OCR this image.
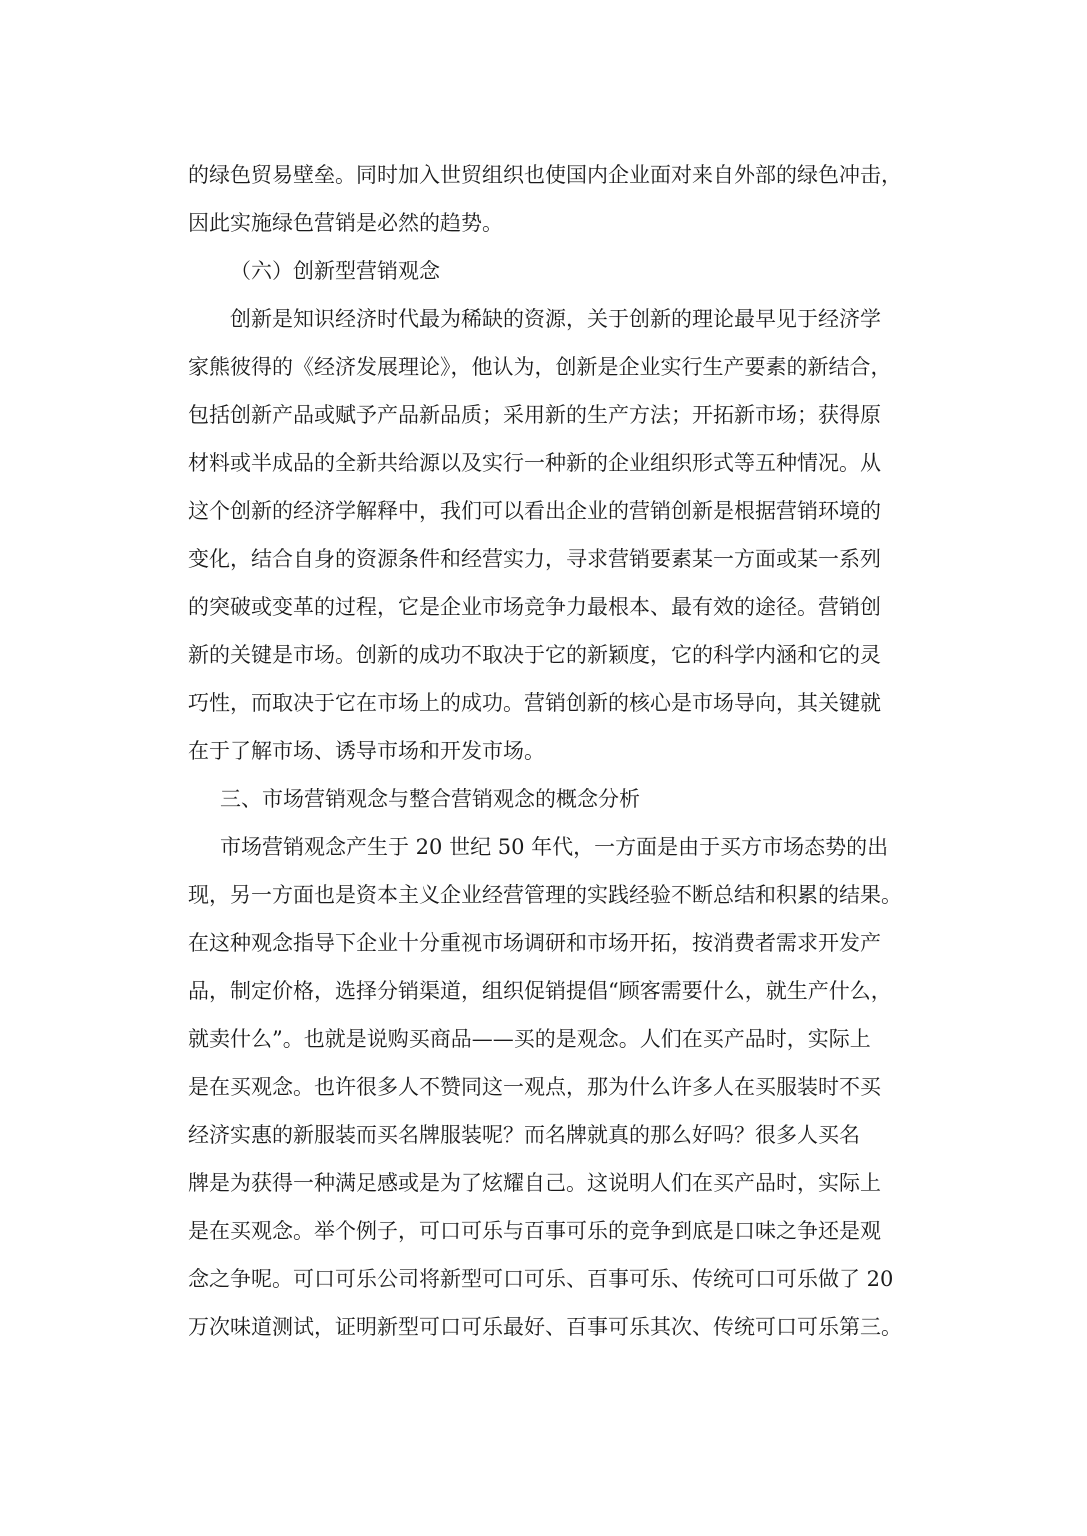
的绿色贸易壁垒。同时加入世贸组织也使国内企业面对来自外部的绿色冲击，
因此实施绿色营销是必然的趋势。
（六）创新型营销观念
创新是知识经济时代最为稀缺的资源，关于创新的理论最早见于经济学
家熊彼得的《经济发展理论》，他认为，创新是企业实行生产要素的新结合，
包括创新产品或赋予产品新品质；采用新的生产方法；开拓新市场；获得原
材料或半成品的全新共给源以及实行一种新的企业组织形式等五种情况。从
这个创新的经济学解释中，我们可以看出企业的营销创新是根据营销环境的
变化，结合自身的资源条件和经营实力，寻求营销要素某一方面或某一系列
的突破或变革的过程，它是企业市场竞争力最根本、最有效的途径。营销创
新的关键是市场。创新的成功不取决于它的新颖度，它的科学内涵和它的灵
巧性，而取决于它在市场上的成功。营销创新的核心是市场导向，其关键就
在于了解市场、诱导市场和开发市场。
三、市场营销观念与整合营销观念的概念分析
市场营销观念产生于 20 世纪 50 年代，一方面是由于买方市场态势的出
现，另一方面也是资本主义企业经营管理的实践经验不断总结和积累的结果。
在这种观念指导下企业十分重视市场调研和市场开拓，按消费者需求开发产
品，制定价格，选择分销渠道，组织促销提倡“顾客需要什么，就生产什么，
就卖什么”。也就是说购买商品——买的是观念。人们在买产品时，实际上
是在买观念。也许很多人不赞同这一观点，那为什么许多人在买服装时不买
经济实惠的新服装而买名牌服装呢？而名牌就真的那么好吗？很多人买名
牌是为获得一种满足感或是为了炫耀自己。这说明人们在买产品时，实际上
是在买观念。举个例子，可口可乐与百事可乐的竞争到底是口味之争还是观
念之争呢。可口可乐公司将新型可口可乐、百事可乐、传统可口可乐做了 20
万次味道测试，证明新型可口可乐最好、百事可乐其次、传统可口可乐第三。
